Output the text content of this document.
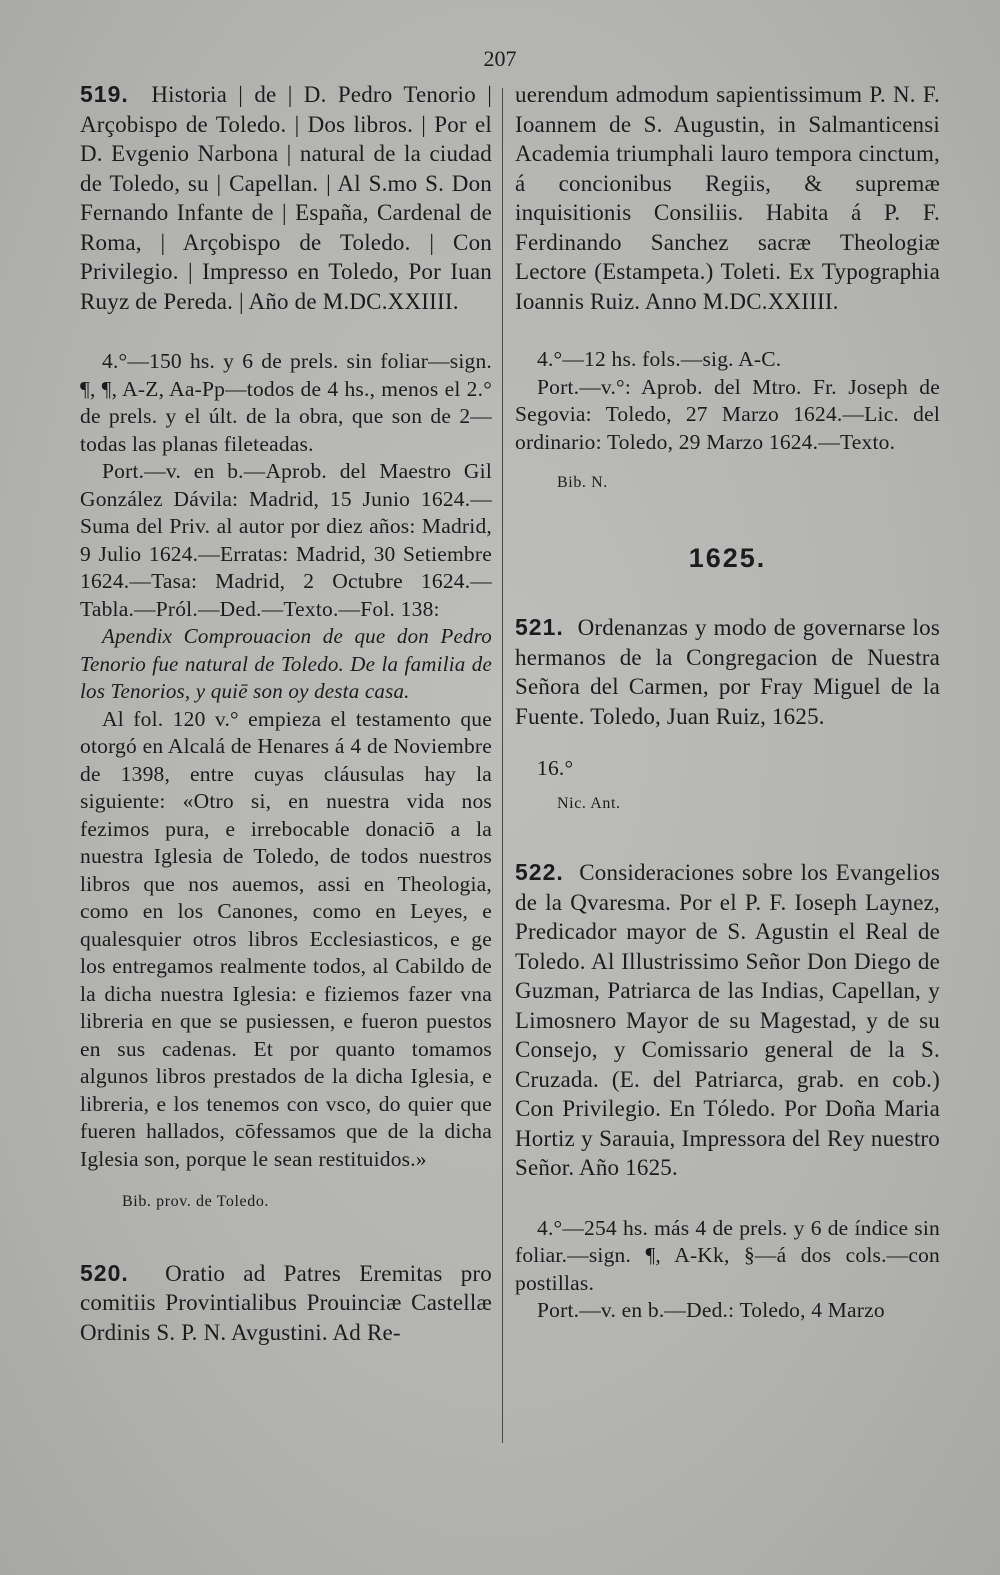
207

519. Historia | de | D. Pedro Tenorio | Arçobispo de Toledo. | Dos libros. | Por el D. Evgenio Narbona | natural de la ciudad de Toledo, su | Capellan. | Al S.mo S. Don Fernando Infante de | España, Cardenal de Roma, | Arçobispo de Toledo. | Con Privilegio. | Impresso en Toledo, Por Iuan Ruyz de Pereda. | Año de M.DC.XXIIII.

4.°—150 hs. y 6 de prels. sin foliar—sign. ¶, ¶, A-Z, Aa-Pp—todos de 4 hs., menos el 2.° de prels. y el últ. de la obra, que son de 2—todas las planas fileteadas.

Port.—v. en b.—Aprob. del Maestro Gil González Dávila: Madrid, 15 Junio 1624.—Suma del Priv. al autor por diez años: Madrid, 9 Julio 1624.—Erratas: Madrid, 30 Setiembre 1624.—Tasa: Madrid, 2 Octubre 1624.—Tabla.—Pról.—Ded.—Texto.—Fol. 138:

Apendix Comprouacion de que don Pedro Tenorio fue natural de Toledo. De la familia de los Tenorios, y quiē son oy desta casa.

Al fol. 120 v.° empieza el testamento que otorgó en Alcalá de Henares á 4 de Noviembre de 1398, entre cuyas cláusulas hay la siguiente: «Otro si, en nuestra vida nos fezimos pura, e irrebocable donaciō a la nuestra Iglesia de Toledo, de todos nuestros libros que nos auemos, assi en Theologia, como en los Canones, como en Leyes, e qualesquier otros libros Ecclesiasticos, e ge los entregamos realmente todos, al Cabildo de la dicha nuestra Iglesia: e fiziemos fazer vna libreria en que se pusiessen, e fueron puestos en sus cadenas. Et por quanto tomamos algunos libros prestados de la dicha Iglesia, e libreria, e los tenemos con vsco, do quier que fueren hallados, cōfessamos que de la dicha Iglesia son, porque le sean restituidos.»

Bib. prov. de Toledo.

520. Oratio ad Patres Eremitas pro comitiis Provintialibus Prouinciæ Castellæ Ordinis S. P. N. Avgustini. Ad Re-

uerendum admodum sapientissimum P. N. F. Ioannem de S. Augustin, in Salmanticensi Academia triumphali lauro tempora cinctum, á concionibus Regiis, & supremæ inquisitionis Consiliis. Habita á P. F. Ferdinando Sanchez sacræ Theologiæ Lectore (Estampeta.) Toleti. Ex Typographia Ioannis Ruiz. Anno M.DC.XXIIII.

4.°—12 hs. fols.—sig. A-C.

Port.—v.°: Aprob. del Mtro. Fr. Joseph de Segovia: Toledo, 27 Marzo 1624.—Lic. del ordinario: Toledo, 29 Marzo 1624.—Texto.

Bib. N.

1625.

521. Ordenanzas y modo de governarse los hermanos de la Congregacion de Nuestra Señora del Carmen, por Fray Miguel de la Fuente. Toledo, Juan Ruiz, 1625.

16.°

Nic. Ant.

522. Consideraciones sobre los Evangelios de la Qvaresma. Por el P. F. Ioseph Laynez, Predicador mayor de S. Agustin el Real de Toledo. Al Illustrissimo Señor Don Diego de Guzman, Patriarca de las Indias, Capellan, y Limosnero Mayor de su Magestad, y de su Consejo, y Comissario general de la S. Cruzada. (E. del Patriarca, grab. en cob.) Con Privilegio. En Tóledo. Por Doña Maria Hortiz y Sarauia, Impressora del Rey nuestro Señor. Año 1625.

4.°—254 hs. más 4 de prels. y 6 de índice sin foliar.—sign. ¶, A-Kk, §—á dos cols.—con postillas.

Port.—v. en b.—Ded.: Toledo, 4 Marzo
